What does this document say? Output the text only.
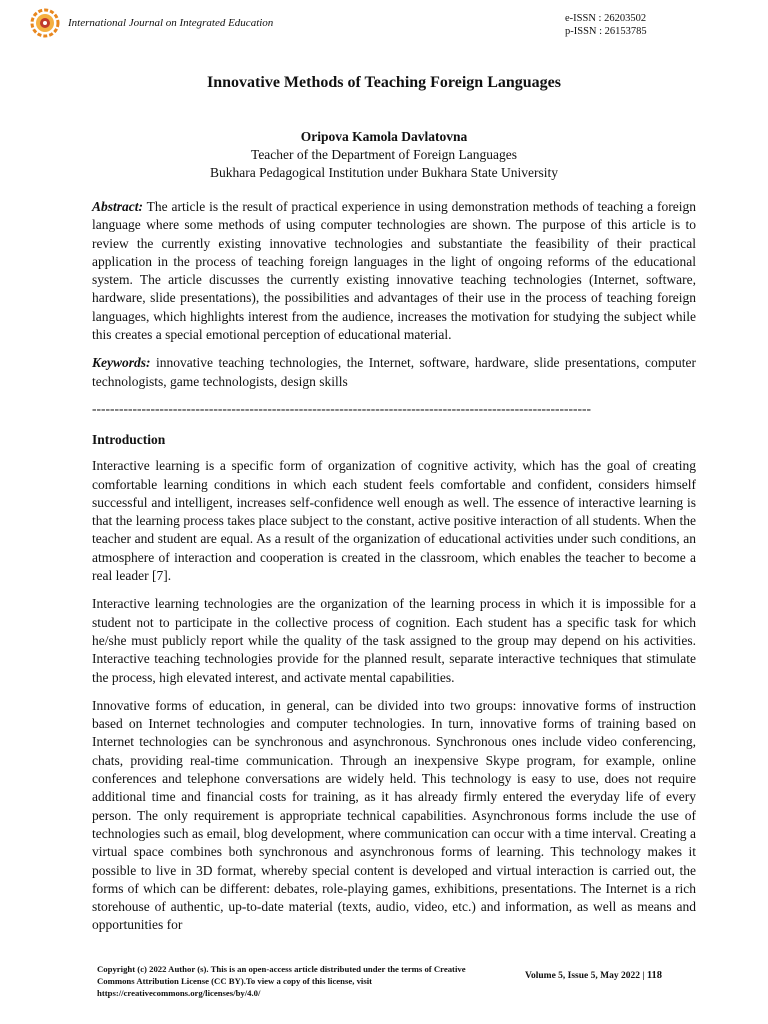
International Journal on Integrated Education	e-ISSN : 26203502
p-ISSN : 26153785
Innovative Methods of Teaching Foreign Languages
Oripova Kamola Davlatovna
Teacher of the Department of Foreign Languages
Bukhara Pedagogical Institution under Bukhara State University

Abstract: The article is the result of practical experience in using demonstration methods of teaching a foreign language where some methods of using computer technologies are shown. The purpose of this article is to review the currently existing innovative technologies and substantiate the feasibility of their practical application in the process of teaching foreign languages in the light of ongoing reforms of the educational system. The article discusses the currently existing innovative teaching technologies (Internet, software, hardware, slide presentations), the possibilities and advantages of their use in the process of teaching foreign languages, which highlights interest from the audience, increases the motivation for studying the subject while this creates a special emotional perception of educational material.

Keywords: innovative teaching technologies, the Internet, software, hardware, slide presentations, computer technologists, game technologists, design skills

---------------------------------------------------------------------------------------------------------------
Introduction

Interactive learning is a specific form of organization of cognitive activity, which has the goal of creating comfortable learning conditions in which each student feels comfortable and confident, considers himself successful and intelligent, increases self-confidence well enough as well. The essence of interactive learning is that the learning process takes place subject to the constant, active positive interaction of all students. When the teacher and student are equal. As a result of the organization of educational activities under such conditions, an atmosphere of interaction and cooperation is created in the classroom, which enables the teacher to become a real leader [7].

Interactive learning technologies are the organization of the learning process in which it is impossible for a student not to participate in the collective process of cognition. Each student has a specific task for which he/she must publicly report while the quality of the task assigned to the group may depend on his activities. Interactive teaching technologies provide for the planned result, separate interactive techniques that stimulate the process, high elevated interest, and activate mental capabilities.

Innovative forms of education, in general, can be divided into two groups: innovative forms of instruction based on Internet technologies and computer technologies. In turn, innovative forms of training based on Internet technologies can be synchronous and asynchronous. Synchronous ones include video conferencing, chats, providing real-time communication. Through an inexpensive Skype program, for example, online conferences and telephone conversations are widely held. This technology is easy to use, does not require additional time and financial costs for training, as it has already firmly entered the everyday life of every person. The only requirement is appropriate technical capabilities. Asynchronous forms include the use of technologies such as email, blog development, where communication can occur with a time interval. Creating a virtual space combines both synchronous and asynchronous forms of learning. This technology makes it possible to live in 3D format, whereby special content is developed and virtual interaction is carried out, the forms of which can be different: debates, role-playing games, exhibitions, presentations. The Internet is a rich storehouse of authentic, up-to-date material (texts, audio, video, etc.) and information, as well as means and opportunities for

Copyright (c) 2022 Author (s). This is an open-access article distributed under the terms of Creative Commons Attribution License (CC BY).To view a copy of this license, visit https://creativecommons.org/licenses/by/4.0/
Volume 5, Issue 5, May 2022 | 118
